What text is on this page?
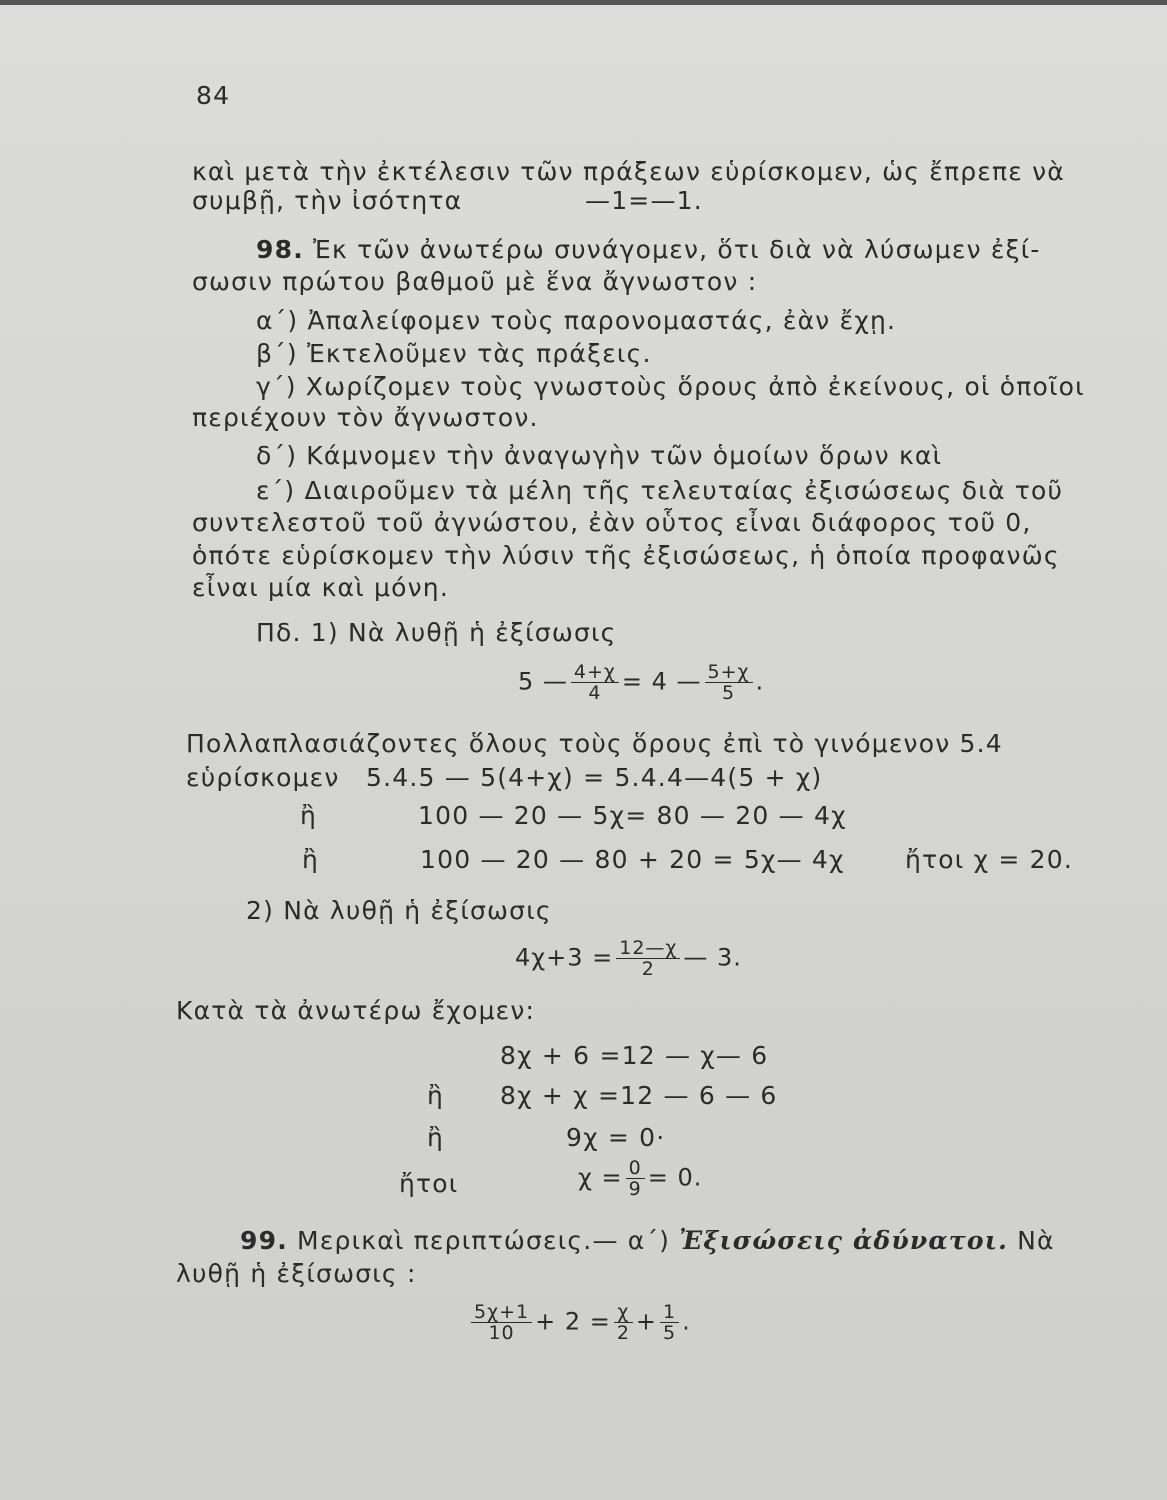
84
καὶ μετὰ τὴν ἐκτέλεσιν τῶν πράξεων εὑρίσκομεν, ὡς ἔπρεπε νὰ
συμβῇ, τὴν ἰσότητα	—1=—1.
98. Ἐκ τῶν ἀνωτέρω συνάγομεν, ὅτι διὰ νὰ λύσωμεν ἐξί-
σωσιν πρώτου βαθμοῦ μὲ ἕνα ἄγνωστον :
α΄) Ἀπαλείφομεν τοὺς παρονομαστάς, ἐὰν ἔχῃ.
β΄) Ἐκτελοῦμεν τὰς πράξεις.
γ΄) Χωρίζομεν τοὺς γνωστοὺς ὅρους ἀπὸ ἐκείνους, οἱ ὁποῖοι
περιέχουν τὸν ἄγνωστον.
δ΄) Κάμνομεν τὴν ἀναγωγὴν τῶν ὁμοίων ὅρων καὶ
ε΄) Διαιροῦμεν τὰ μέλη τῆς τελευταίας ἐξισώσεως διὰ τοῦ
συντελεστοῦ τοῦ ἀγνώστου, ἐὰν οὗτος εἶναι διάφορος τοῦ 0,
ὁπότε εὑρίσκομεν τὴν λύσιν τῆς ἐξισώσεως, ἡ ὁποία προφανῶς
εἶναι μία καὶ μόνη.
Πδ. 1) Νὰ λυθῇ ἡ ἐξίσωσις
5 — $\frac{4+\chi}{4} = 4$ — $\frac{5+\chi}{5}$ .
Πολλαπλασιάζοντες ὅλους τοὺς ὅρους ἐπὶ τὸ γινόμενον 5.4
εὑρίσκομεν 5.4.5 — 5(4+χ) = 5.4.4—4(5 + χ)
ἢ	100 — 20 — 5χ= 80 — 20 — 4χ
ἢ	100 — 20 — 80 + 20 = 5χ— 4χ ἤτοι χ = 20.
2) Νὰ λυθῇ ἡ ἐξίσωσις
$4\chi+3 = \frac{12—\chi}{2}$ — 3.
Κατὰ τὰ ἀνωτέρω ἔχομεν:
8χ + 6 =12 — χ— 6
ἢ 8χ + χ =12 — 6 — 6
ἢ	9χ = 0·
ἤτοι	$\chi = \frac{0}{9} = 0$.
99. Μερικαὶ περιπτώσεις.— α΄) Ἐξισώσεις ἀδύνατοι. Νὰ
λυθῇ ἡ ἐξίσωσις :
$\frac{5\chi+1}{10} + 2 = \frac{\chi}{2} + \frac{1}{5}$ .
